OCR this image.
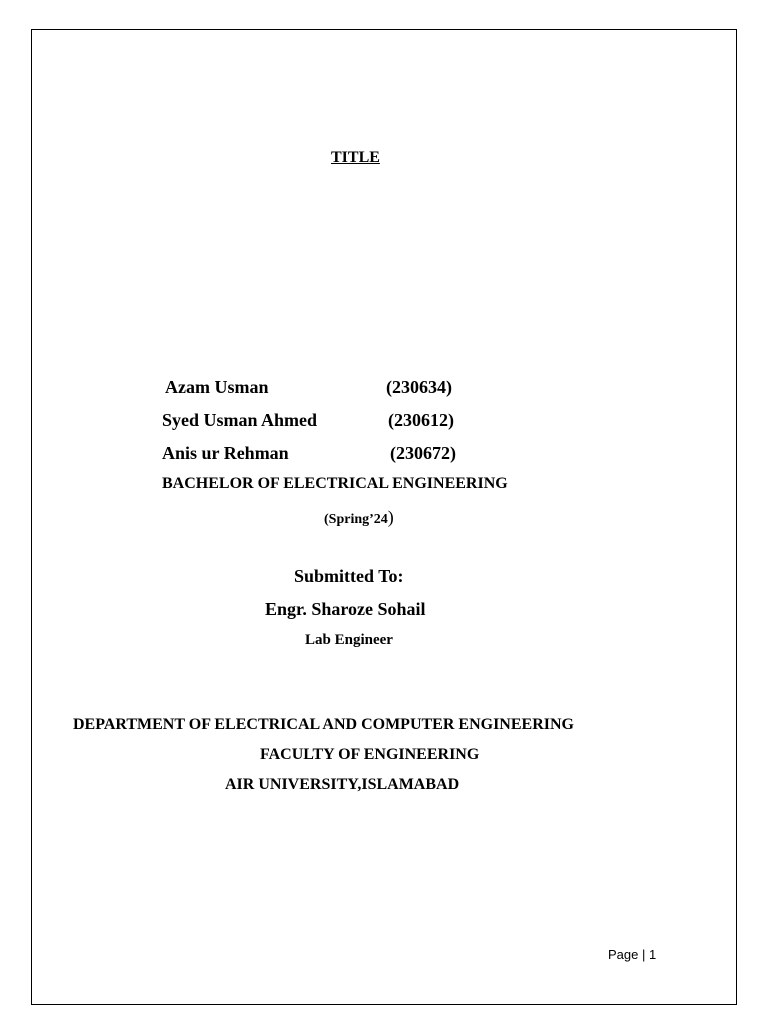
TITLE
Azam Usman	(230634)
Syed Usman Ahmed	(230612)
Anis ur Rehman	(230672)
BACHELOR OF ELECTRICAL ENGINEERING
(Spring’24)
Submitted To:
Engr. Sharoze Sohail
Lab Engineer
DEPARTMENT OF ELECTRICAL AND COMPUTER ENGINEERING
FACULTY OF ENGINEERING
AIR UNIVERSITY,ISLAMABAD
Page | 1
